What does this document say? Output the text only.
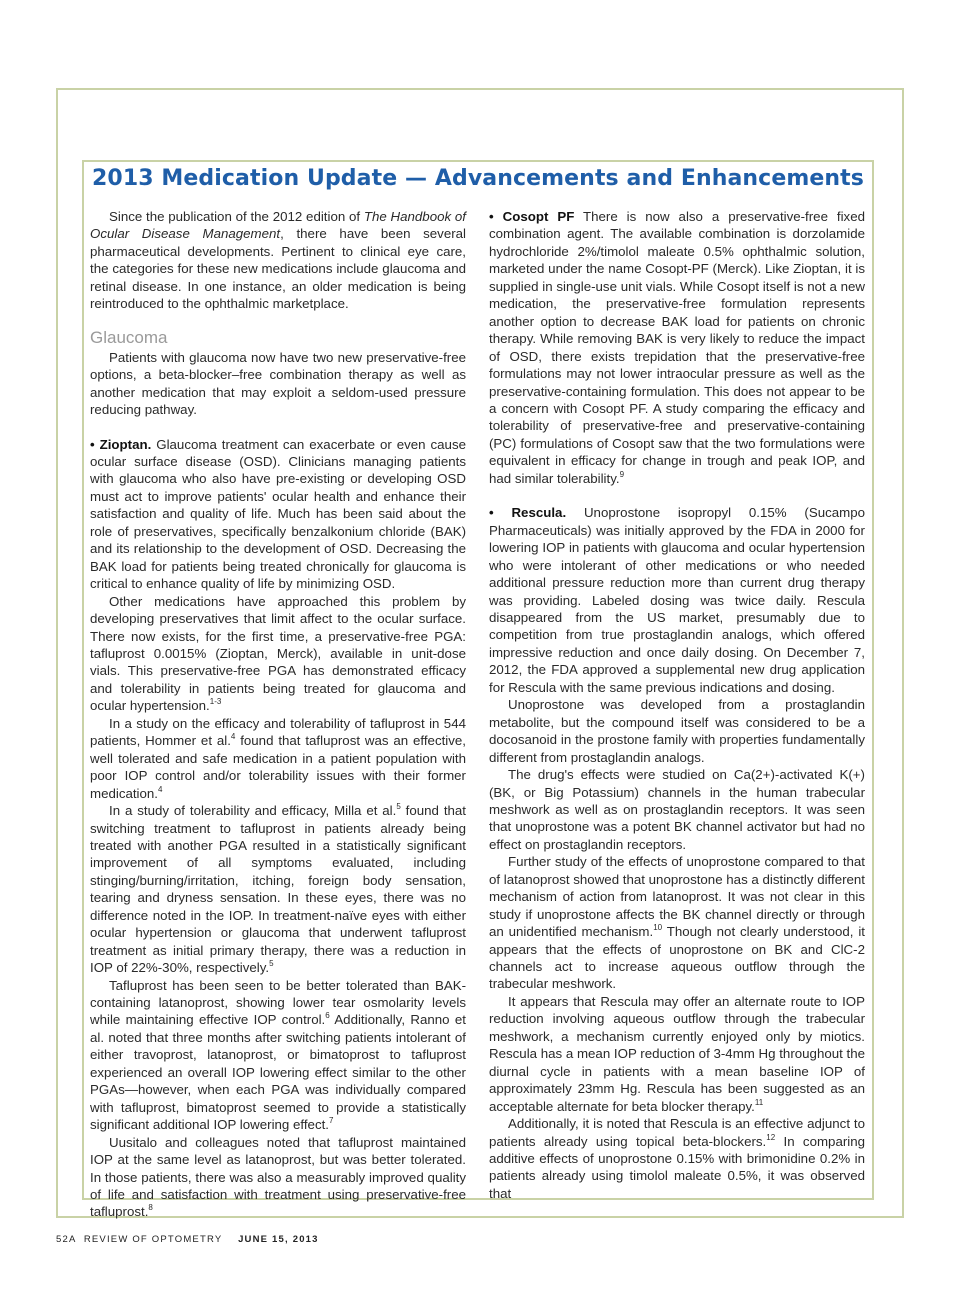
2013 Medication Update — Advancements and Enhancements

Since the publication of the 2012 edition of The Handbook of Ocular Disease Management, there have been several pharmaceutical developments. Pertinent to clinical eye care, the categories for these new medications include glaucoma and retinal disease. In one instance, an older medication is being reintroduced to the ophthalmic marketplace.

Glaucoma

Patients with glaucoma now have two new preservative-free options, a beta-blocker–free combination therapy as well as another medication that may exploit a seldom-used pressure reducing pathway.

• Zioptan. Glaucoma treatment can exacerbate or even cause ocular surface disease (OSD). Clinicians managing patients with glaucoma who also have pre-existing or developing OSD must act to improve patients' ocular health and enhance their satisfaction and quality of life. Much has been said about the role of preservatives, specifically benzalkonium chloride (BAK) and its relationship to the development of OSD. Decreasing the BAK load for patients being treated chronically for glaucoma is critical to enhance quality of life by minimizing OSD.

Other medications have approached this problem by developing preservatives that limit affect to the ocular surface. There now exists, for the first time, a preservative-free PGA: tafluprost 0.0015% (Zioptan, Merck), available in unit-dose vials. This preservative-free PGA has demonstrated efficacy and tolerability in patients being treated for glaucoma and ocular hypertension.$^{1-3}$

In a study on the efficacy and tolerability of tafluprost in 544 patients, Hommer et al.$^4$ found that tafluprost was an effective, well tolerated and safe medication in a patient population with poor IOP control and/or tolerability issues with their former medication.$^4$

In a study of tolerability and efficacy, Milla et al.$^5$ found that switching treatment to tafluprost in patients already being treated with another PGA resulted in a statistically significant improvement of all symptoms evaluated, including stinging/burning/irritation, itching, foreign body sensation, tearing and dryness sensation. In these eyes, there was no difference noted in the IOP. In treatment-naïve eyes with either ocular hypertension or glaucoma that underwent tafluprost treatment as initial primary therapy, there was a reduction in IOP of 22%-30%, respectively.$^5$

Tafluprost has been seen to be better tolerated than BAK-containing latanoprost, showing lower tear osmolarity levels while maintaining effective IOP control.$^6$ Additionally, Ranno et al. noted that three months after switching patients intolerant of either travoprost, latanoprost, or bimatoprost to tafluprost experienced an overall IOP lowering effect similar to the other PGAs—however, when each PGA was individually compared with tafluprost, bimatoprost seemed to provide a statistically significant additional IOP lowering effect.$^7$

Uusitalo and colleagues noted that tafluprost maintained IOP at the same level as latanoprost, but was better tolerated. In those patients, there was also a measurably improved quality of life and satisfaction with treatment using preservative-free tafluprost.$^8$

• Cosopt PF There is now also a preservative-free fixed combination agent. The available combination is dorzolamide hydrochloride 2%/timolol maleate 0.5% ophthalmic solution, marketed under the name Cosopt-PF (Merck). Like Zioptan, it is supplied in single-use unit vials. While Cosopt itself is not a new medication, the preservative-free formulation represents another option to decrease BAK load for patients on chronic therapy. While removing BAK is very likely to reduce the impact of OSD, there exists trepidation that the preservative-free formulations may not lower intraocular pressure as well as the preservative-containing formulation. This does not appear to be a concern with Cosopt PF. A study comparing the efficacy and tolerability of preservative-free and preservative-containing (PC) formulations of Cosopt saw that the two formulations were equivalent in efficacy for change in trough and peak IOP, and had similar tolerability.$^9$

• Rescula. Unoprostone isopropyl 0.15% (Sucampo Pharmaceuticals) was initially approved by the FDA in 2000 for lowering IOP in patients with glaucoma and ocular hypertension who were intolerant of other medications or who needed additional pressure reduction more than current drug therapy was providing. Labeled dosing was twice daily. Rescula disappeared from the US market, presumably due to competition from true prostaglandin analogs, which offered impressive reduction and once daily dosing. On December 7, 2012, the FDA approved a supplemental new drug application for Rescula with the same previous indications and dosing.

Unoprostone was developed from a prostaglandin metabolite, but the compound itself was considered to be a docosanoid in the prostone family with properties fundamentally different from prostaglandin analogs.

The drug's effects were studied on Ca(2+)-activated K(+) (BK, or Big Potassium) channels in the human trabecular meshwork as well as on prostaglandin receptors. It was seen that unoprostone was a potent BK channel activator but had no effect on prostaglandin receptors.

Further study of the effects of unoprostone compared to that of latanoprost showed that unoprostone has a distinctly different mechanism of action from latanoprost. It was not clear in this study if unoprostone affects the BK channel directly or through an unidentified mechanism.$^{10}$ Though not clearly understood, it appears that the effects of unoprostone on BK and ClC-2 channels act to increase aqueous outflow through the trabecular meshwork.

It appears that Rescula may offer an alternate route to IOP reduction involving aqueous outflow through the trabecular meshwork, a mechanism currently enjoyed only by miotics. Rescula has a mean IOP reduction of 3-4mm Hg throughout the diurnal cycle in patients with a mean baseline IOP of approximately 23mm Hg. Rescula has been suggested as an acceptable alternate for beta blocker therapy.$^{11}$

Additionally, it is noted that Rescula is an effective adjunct to patients already using topical beta-blockers.$^{12}$ In comparing additive effects of unoprostone 0.15% with brimonidine 0.2% in patients already using timolol maleate 0.5%, it was observed that

52A REVIEW OF OPTOMETRY JUNE 15, 2013
